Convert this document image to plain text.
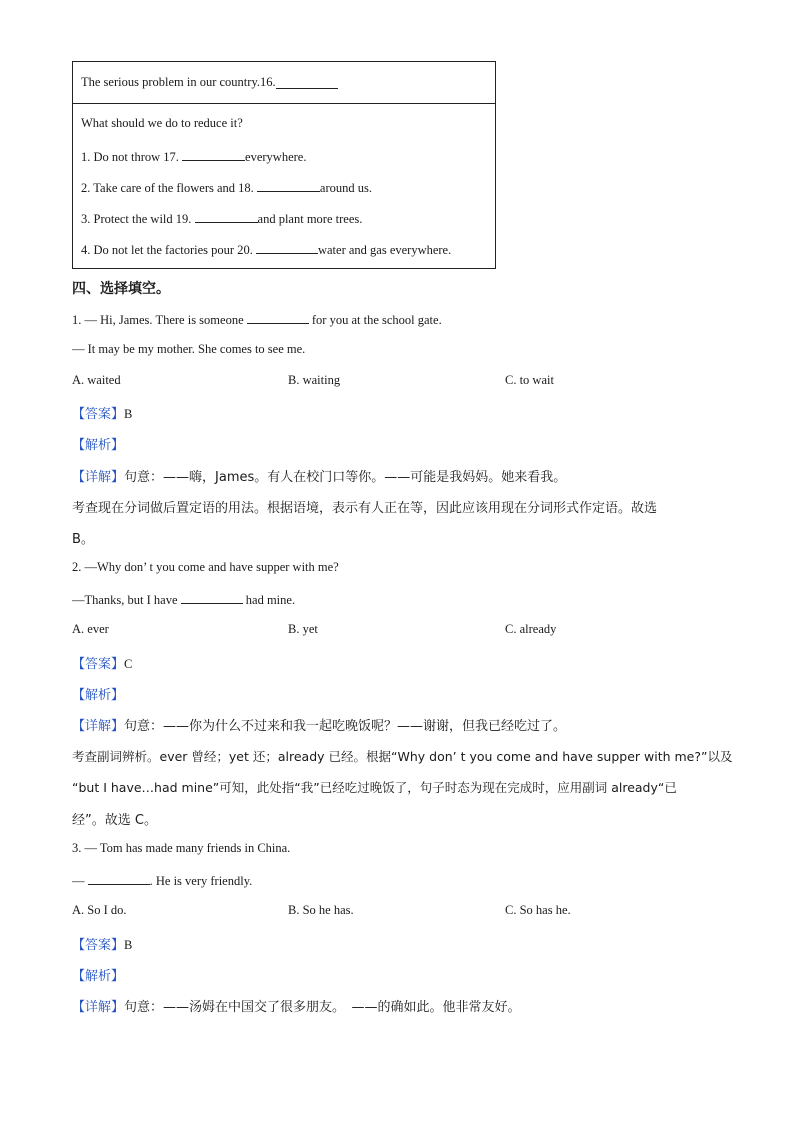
The serious problem in our country.16.
What should we do to reduce it?
1. Do not throw 17.	everywhere.
2. Take care of the flowers and 18.	around us.
3. Protect the wild 19.	and plant more trees.
4. Do not let the factories pour 20.	water and gas everywhere.
四、选择填空。
1. — Hi, James. There is someone	for you at the school gate.
— It may be my mother. She comes to see me.
A. waited	B. waiting	C. to wait
【答案】B
【解析】
【详解】句意：——嗨，James。有人在校门口等你。——可能是我妈妈。她来看我。
考查现在分词做后置定语的用法。根据语境，表示有人正在等，因此应该用现在分词形式作定语。故选
B。
2. —Why don’ t you come and have supper with me?
—Thanks, but I have	had mine.
A. ever	B. yet	C. already
【答案】C
【解析】
【详解】句意：——你为什么不过来和我一起吃晚饭呢？——谢谢，但我已经吃过了。
考查副词辨析。ever 曾经；yet 还；already 已经。根据“Why don’ t you come and have supper with me?”以及
“but I have…had mine”可知，此处指“我”已经吃过晚饭了，句子时态为现在完成时，应用副词 already“已
经”。故选 C。
3. — Tom has made many friends in China.
—	. He is very friendly.
A. So I do.	B. So he has.	C. So has he.
【答案】B
【解析】
【详解】句意：——汤姆在中国交了很多朋友。　——的确如此。他非常友好。
